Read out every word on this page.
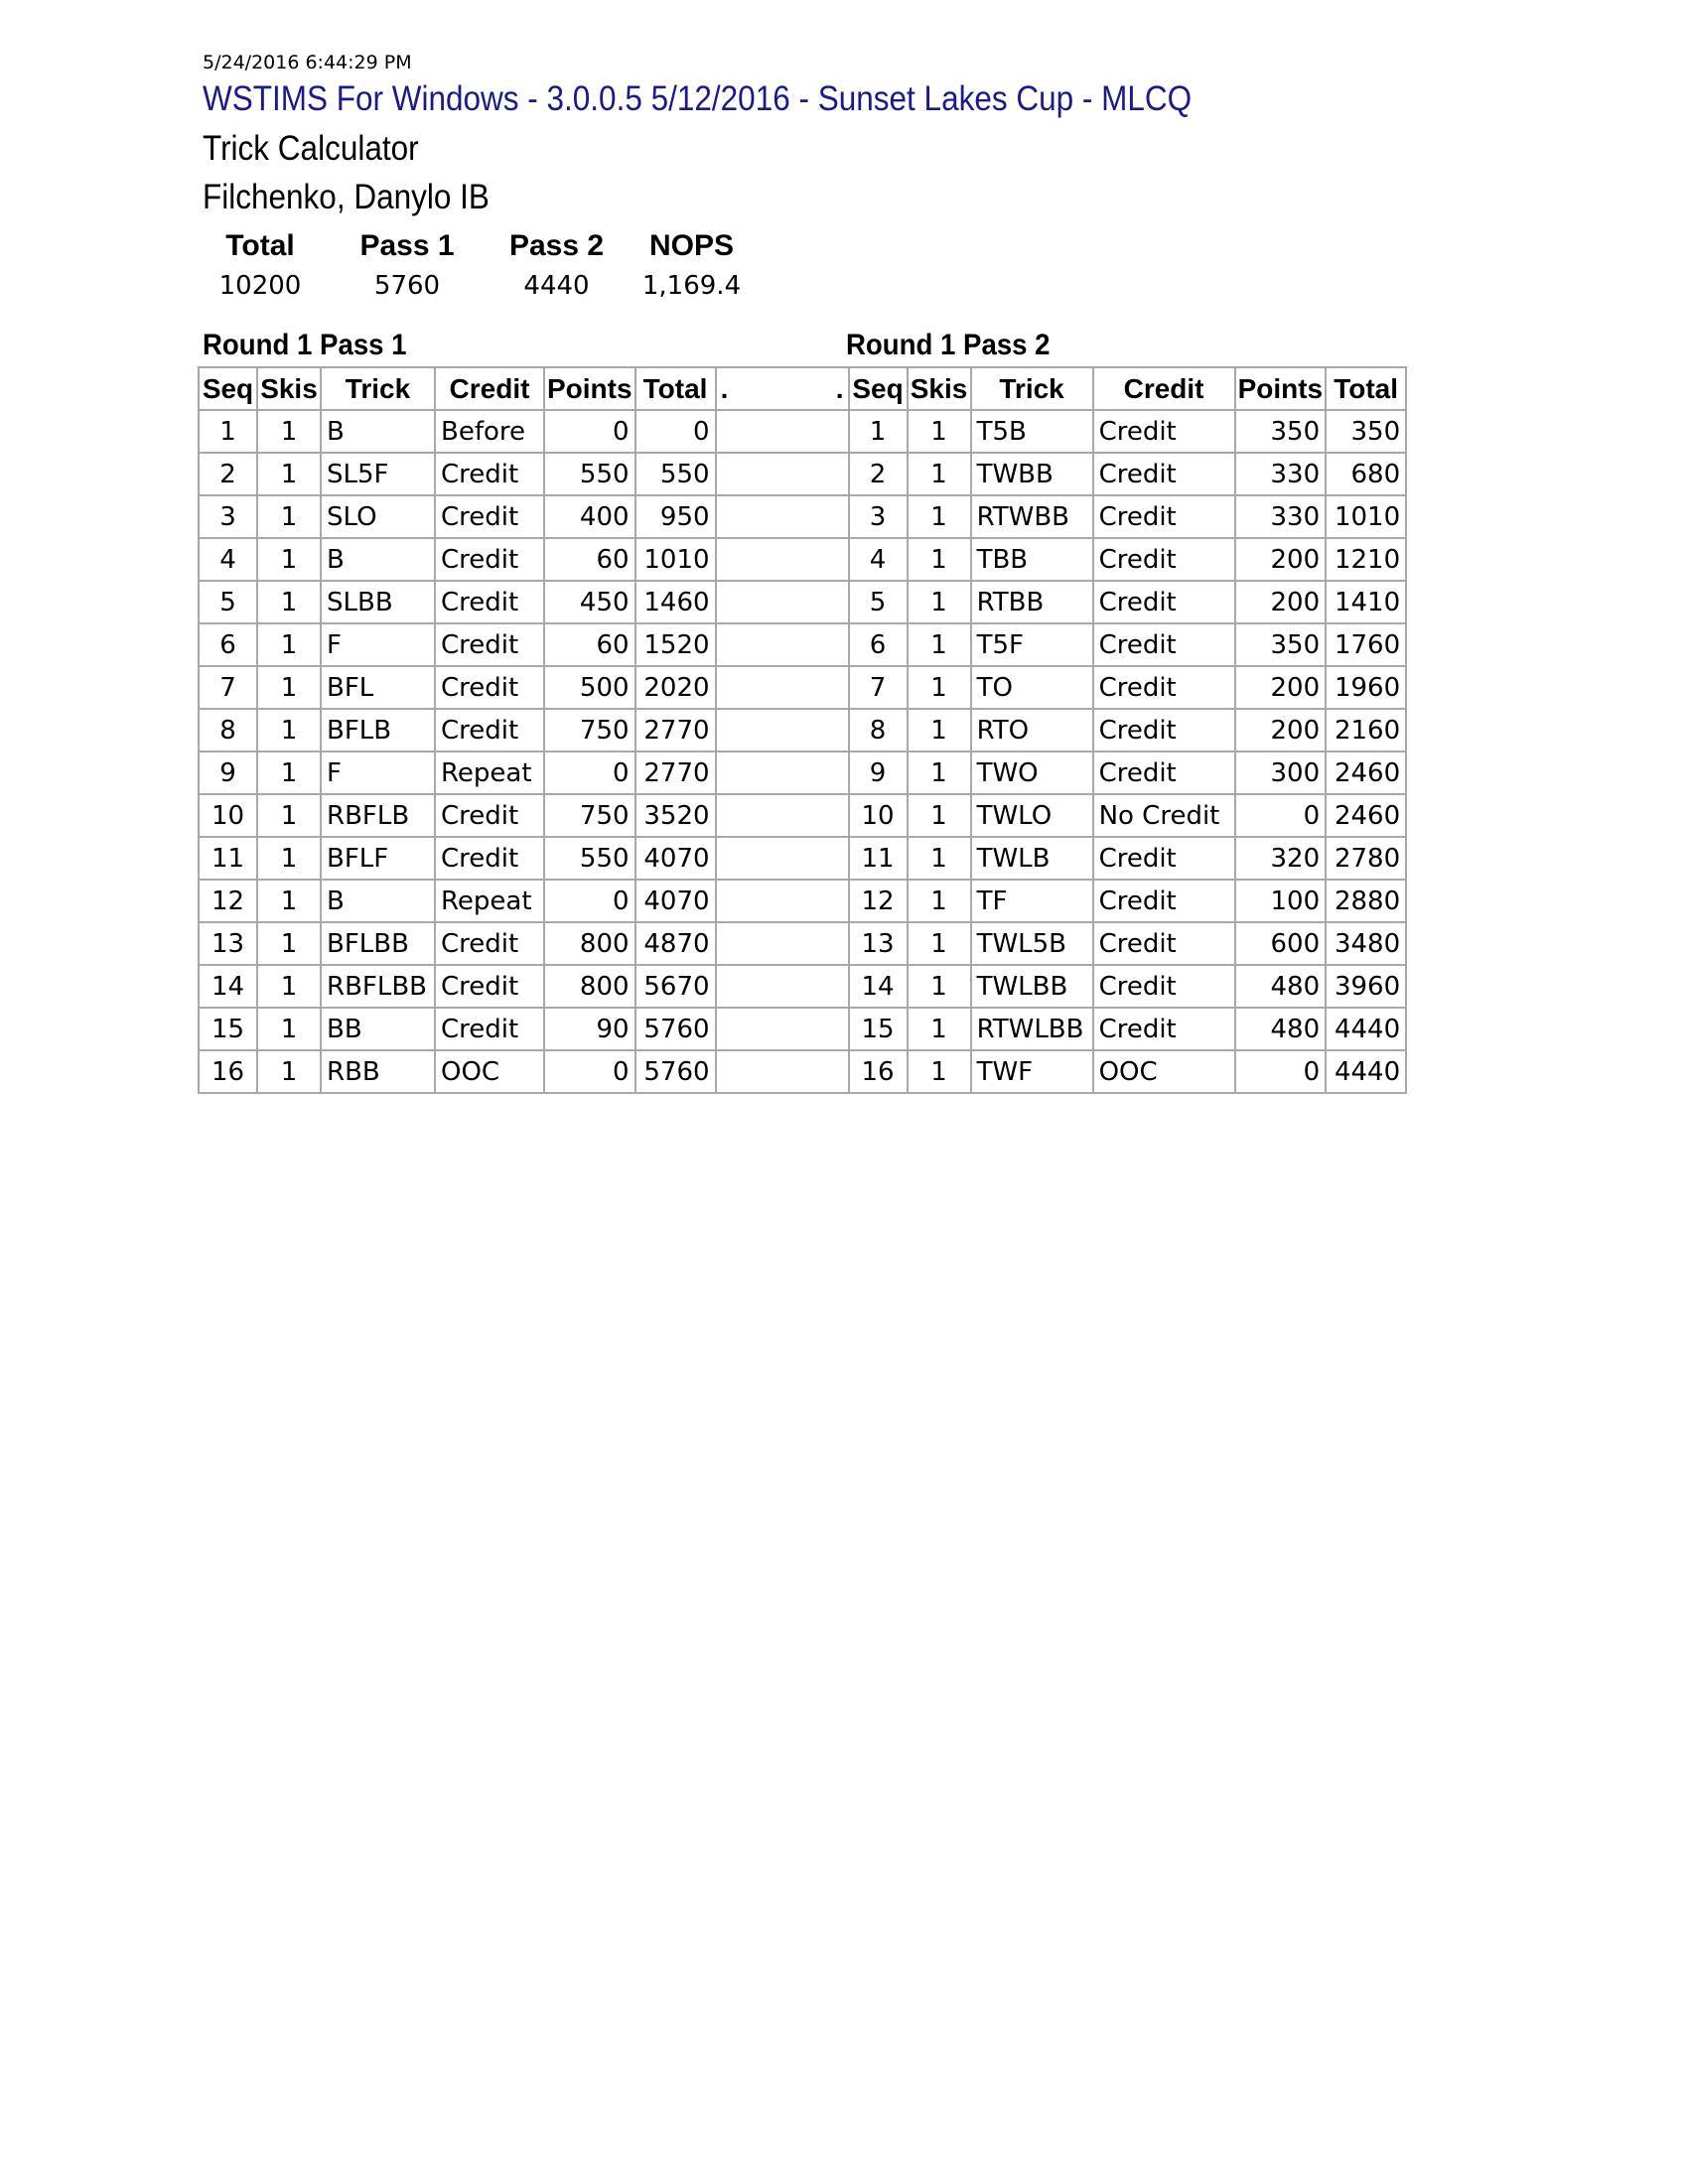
5/24/2016 6:44:29 PM
WSTIMS For Windows - 3.0.0.5 5/12/2016 - Sunset Lakes Cup - MLCQ
Trick Calculator
Filchenko, Danylo IB
Total	Pass 1	Pass 2	NOPS
10200	5760	4440	1,169.4
Round 1 Pass 1	Round 1 Pass 2
Seq	Skis	Trick	Credit	Points	Total	. .	Seq	Skis	Trick	Credit	Points	Total
1	1	B	Before	0	0		1	1	T5B	Credit	350	350
2	1	SL5F	Credit	550	550		2	1	TWBB	Credit	330	680
3	1	SLO	Credit	400	950		3	1	RTWBB	Credit	330	1010
4	1	B	Credit	60	1010		4	1	TBB	Credit	200	1210
5	1	SLBB	Credit	450	1460		5	1	RTBB	Credit	200	1410
6	1	F	Credit	60	1520		6	1	T5F	Credit	350	1760
7	1	BFL	Credit	500	2020		7	1	TO	Credit	200	1960
8	1	BFLB	Credit	750	2770		8	1	RTO	Credit	200	2160
9	1	F	Repeat	0	2770		9	1	TWO	Credit	300	2460
10	1	RBFLB	Credit	750	3520		10	1	TWLO	No Credit	0	2460
11	1	BFLF	Credit	550	4070		11	1	TWLB	Credit	320	2780
12	1	B	Repeat	0	4070		12	1	TF	Credit	100	2880
13	1	BFLBB	Credit	800	4870		13	1	TWL5B	Credit	600	3480
14	1	RBFLBB	Credit	800	5670		14	1	TWLBB	Credit	480	3960
15	1	BB	Credit	90	5760		15	1	RTWLBB	Credit	480	4440
16	1	RBB	OOC	0	5760		16	1	TWF	OOC	0	4440
